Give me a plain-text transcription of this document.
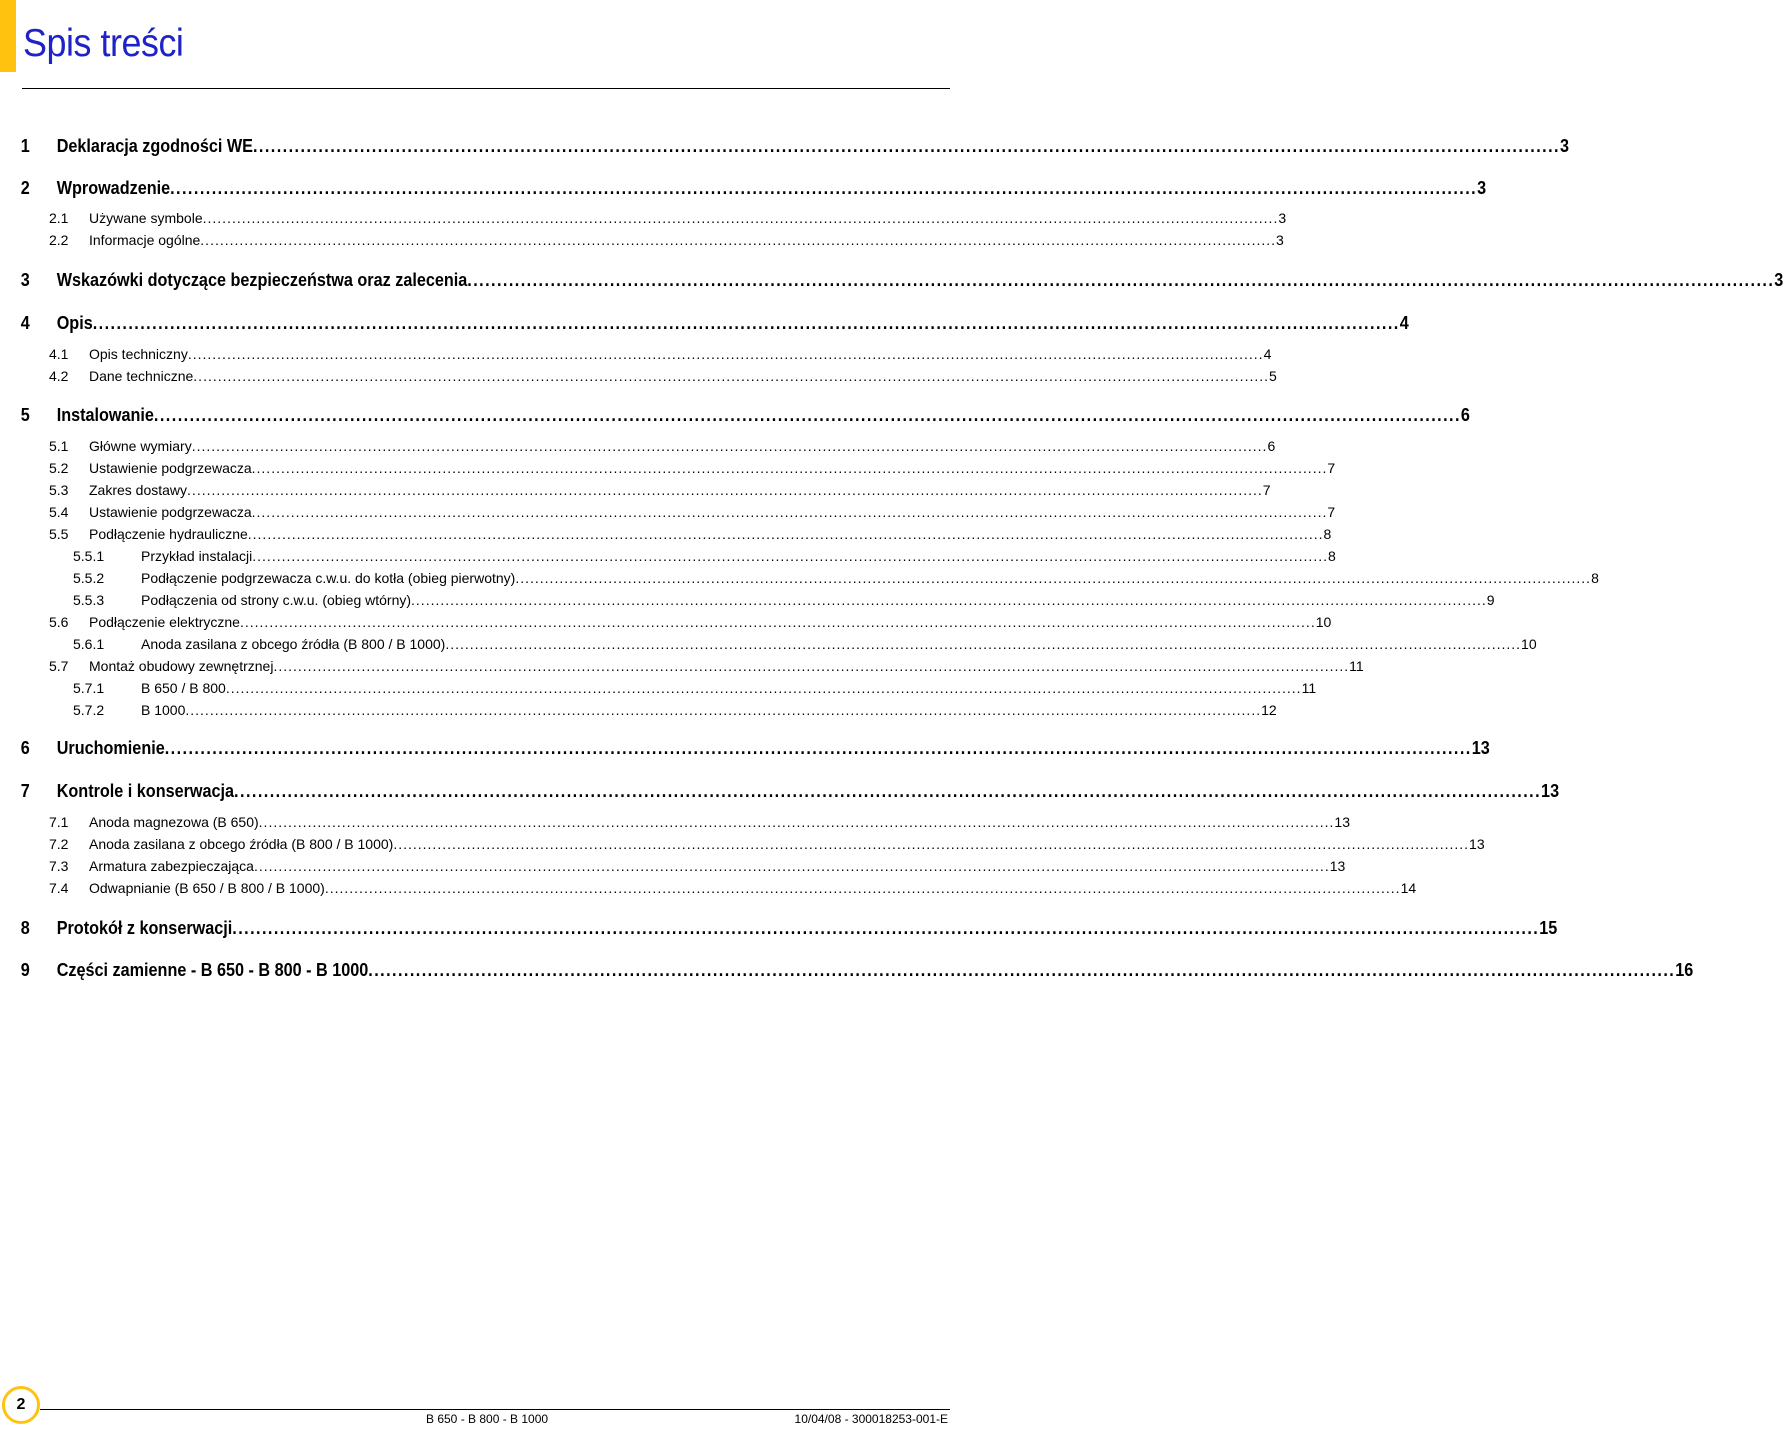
Spis treści
1 Deklaracja zgodności WE ............................................................................................................................................................................................................................ 3
2 Wprowadzenie ............................................................................................................................................................................................................................ 3
2.1 Używane symbole ............................................................................................................................................................................................................................ 3
2.2 Informacje ogólne ............................................................................................................................................................................................................................ 3
3 Wskazówki dotyczące bezpieczeństwa oraz zalecenia ............................................................................................................................................................................................................................ 3
4 Opis ............................................................................................................................................................................................................................ 4
4.1 Opis techniczny ............................................................................................................................................................................................................................ 4
4.2 Dane techniczne ............................................................................................................................................................................................................................ 5
5 Instalowanie ............................................................................................................................................................................................................................ 6
5.1 Główne wymiary ............................................................................................................................................................................................................................ 6
5.2 Ustawienie podgrzewacza ............................................................................................................................................................................................................................ 7
5.3 Zakres dostawy ............................................................................................................................................................................................................................ 7
5.4 Ustawienie podgrzewacza ............................................................................................................................................................................................................................ 7
5.5 Podłączenie hydrauliczne ............................................................................................................................................................................................................................ 8
5.5.1	Przykład instalacji ............................................................................................................................................................................................................................ 8
5.5.2	Podłączenie podgrzewacza c.w.u. do kotła (obieg pierwotny) ............................................................................................................................................................................................................................ 8
5.5.3	Podłączenia od strony c.w.u. (obieg wtórny) ............................................................................................................................................................................................................................ 9
5.6 Podłączenie elektryczne ............................................................................................................................................................................................................................ 10
5.6.1	Anoda zasilana z obcego źródła (B 800 / B 1000) ............................................................................................................................................................................................................................ 10
5.7 Montaż obudowy zewnętrznej ............................................................................................................................................................................................................................ 11
5.7.1	B 650 / B 800 ............................................................................................................................................................................................................................ 11
5.7.2	B 1000 ............................................................................................................................................................................................................................ 12
6 Uruchomienie ............................................................................................................................................................................................................................ 13
7 Kontrole i konserwacja ............................................................................................................................................................................................................................ 13
7.1 Anoda magnezowa (B 650) ............................................................................................................................................................................................................................ 13
7.2 Anoda zasilana z obcego źródła (B 800 / B 1000) ............................................................................................................................................................................................................................ 13
7.3 Armatura zabezpieczająca ............................................................................................................................................................................................................................ 13
7.4 Odwapnianie (B 650 / B 800 / B 1000) ............................................................................................................................................................................................................................ 14
8 Protokół z konserwacji ............................................................................................................................................................................................................................ 15
9 Części zamienne - B 650 - B 800 - B 1000 ............................................................................................................................................................................................................................ 16
2
B 650 - B 800 - B 1000	10/04/08 - 300018253-001-E
